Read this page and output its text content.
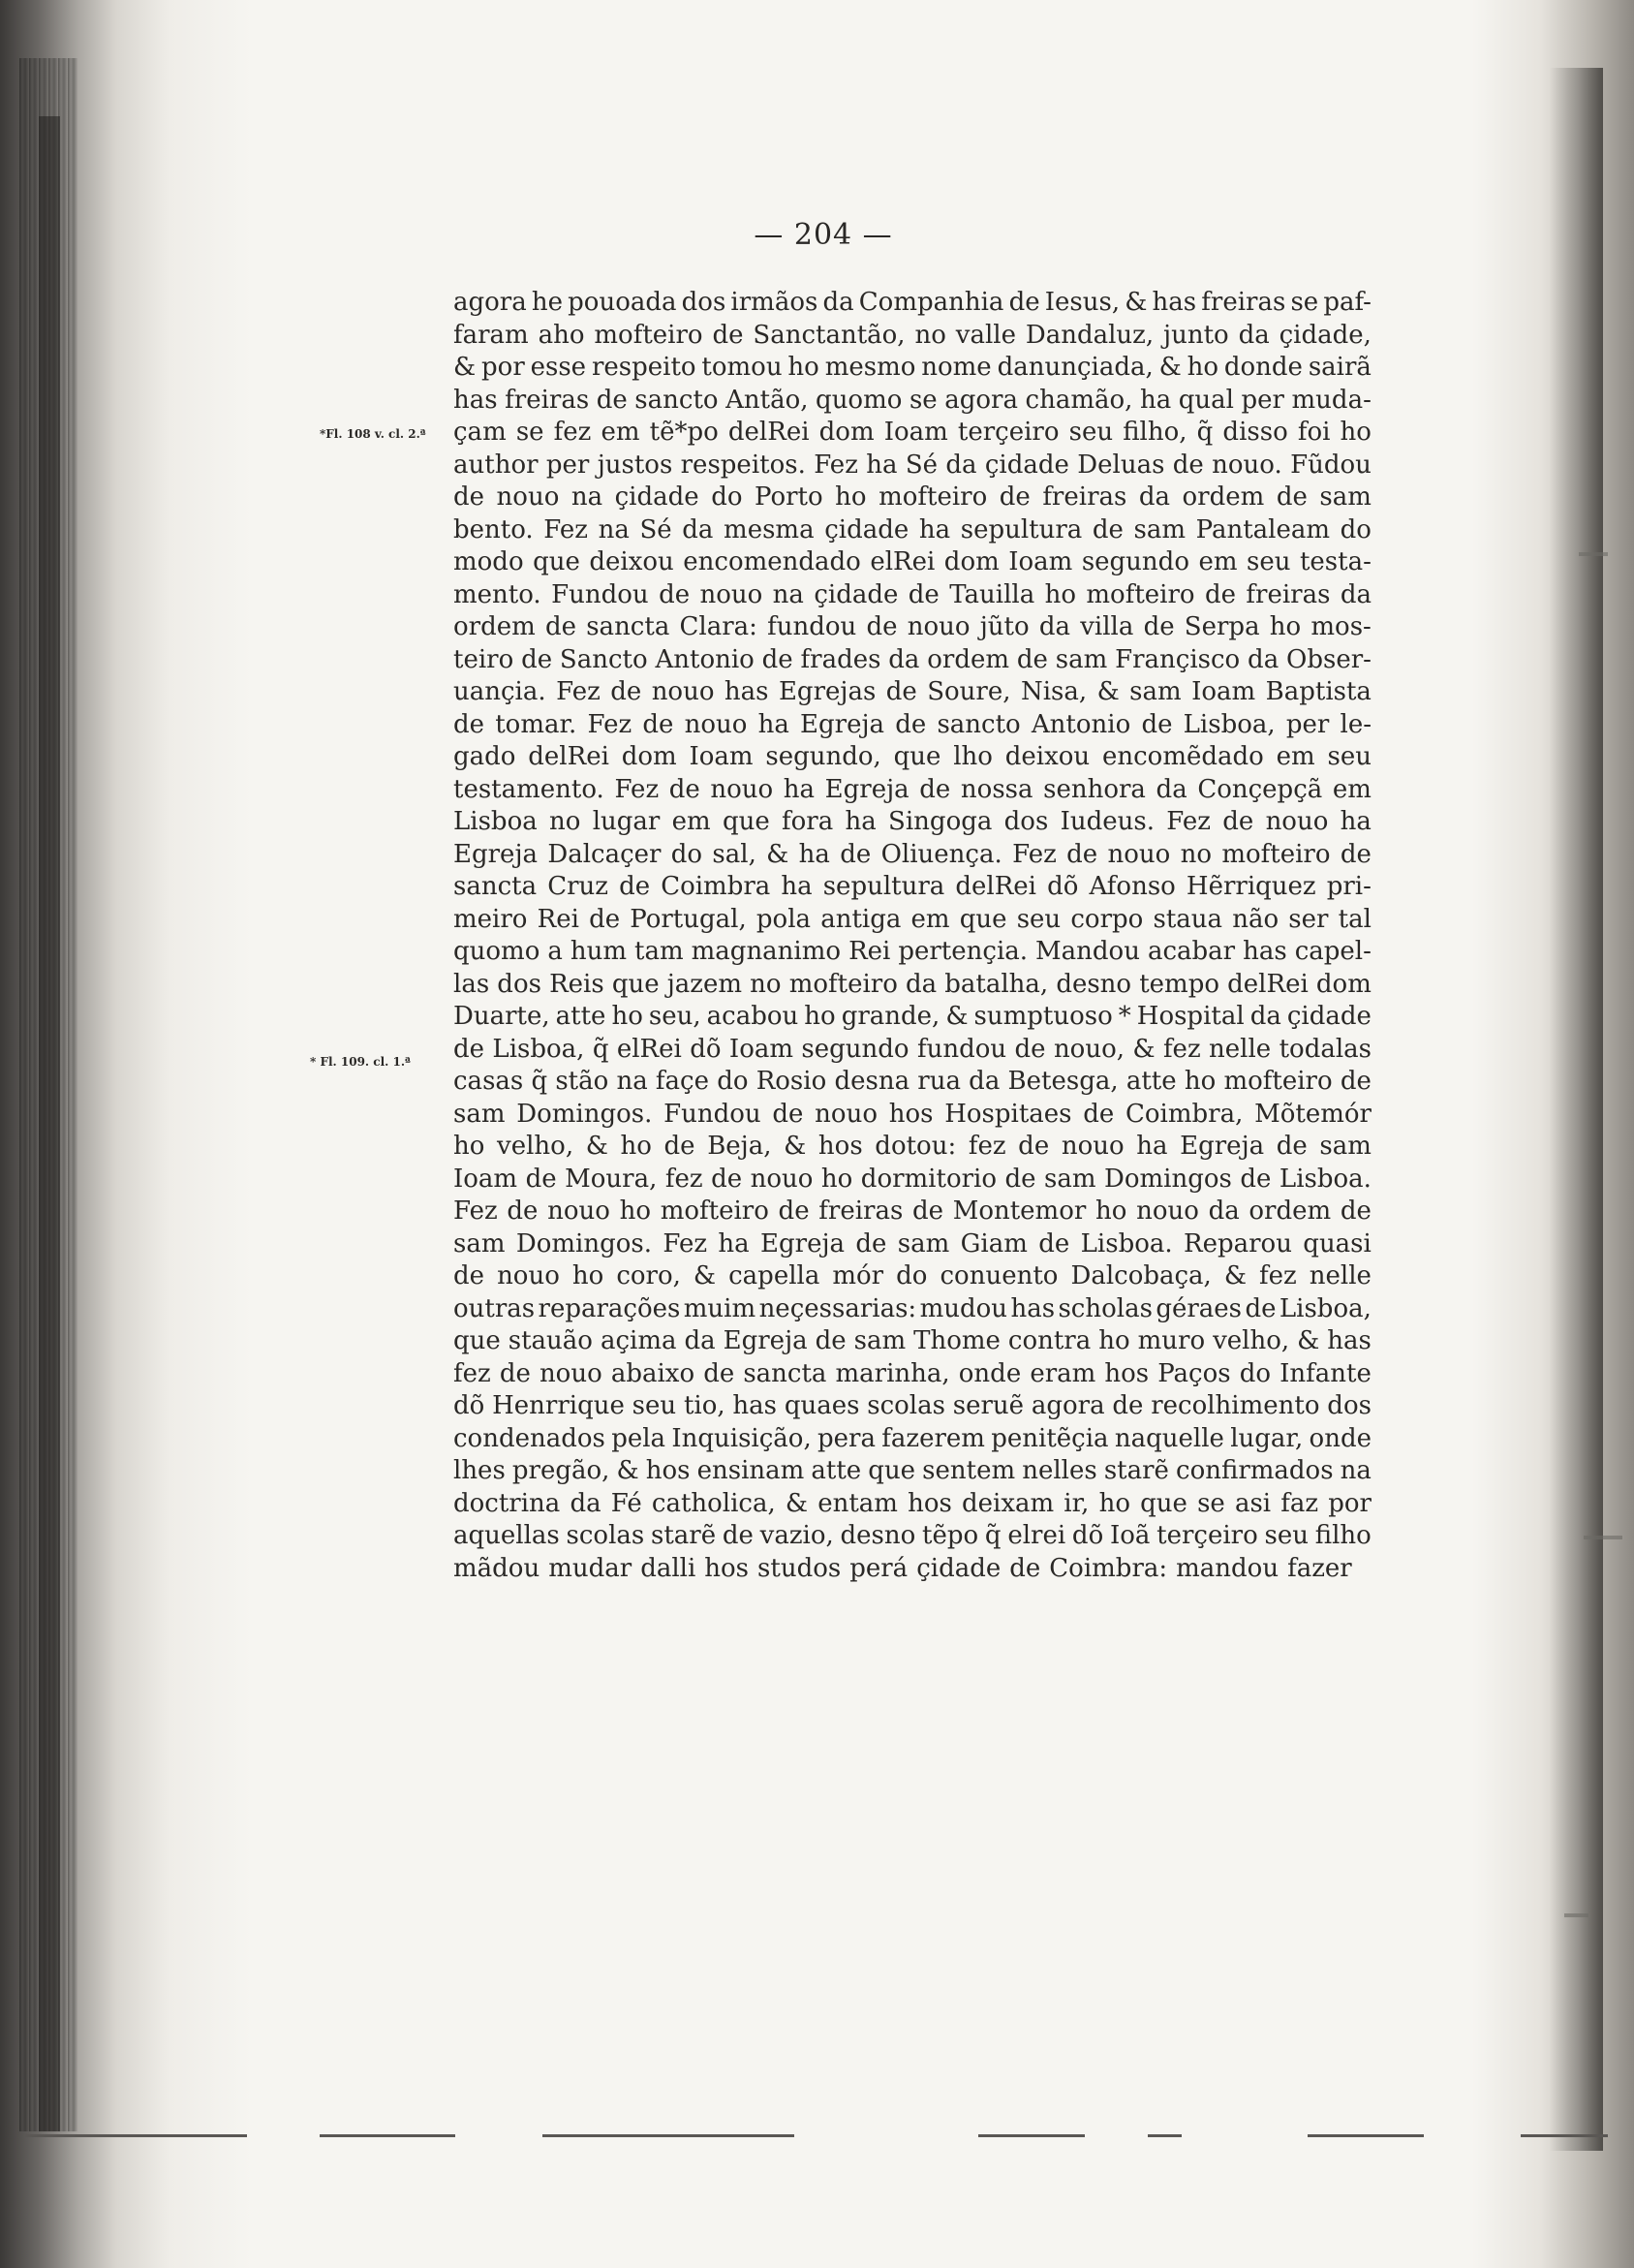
— 204 —
*Fl. 108 v. cl. 2.ª
* Fl. 109. cl. 1.ª
agora he pouoada dos irmãos da Companhia de Iesus, & has freiras se paf-
faram aho mofteiro de Sanctantão, no valle Dandaluz, junto da çidade,
& por esse respeito tomou ho mesmo nome danunçiada, & ho donde sairã
has freiras de sancto Antão, quomo se agora chamão, ha qual per muda-
çam se fez em tẽ*po delRei dom Ioam terçeiro seu filho, q̃ disso foi ho
author per justos respeitos. Fez ha Sé da çidade Deluas de nouo. Fũdou
de nouo na çidade do Porto ho mofteiro de freiras da ordem de sam
bento. Fez na Sé da mesma çidade ha sepultura de sam Pantaleam do
modo que deixou encomendado elRei dom Ioam segundo em seu testa-
mento. Fundou de nouo na çidade de Tauilla ho mofteiro de freiras da
ordem de sancta Clara: fundou de nouo jũto da villa de Serpa ho mos-
teiro de Sancto Antonio de frades da ordem de sam Françisco da Obser-
uançia. Fez de nouo has Egrejas de Soure, Nisa, & sam Ioam Baptista
de tomar. Fez de nouo ha Egreja de sancto Antonio de Lisboa, per le-
gado delRei dom Ioam segundo, que lho deixou encomẽdado em seu
testamento. Fez de nouo ha Egreja de nossa senhora da Conçepçã em
Lisboa no lugar em que fora ha Singoga dos Iudeus. Fez de nouo ha
Egreja Dalcaçer do sal, & ha de Oliuença. Fez de nouo no mofteiro de
sancta Cruz de Coimbra ha sepultura delRei dõ Afonso Hẽrriquez pri-
meiro Rei de Portugal, pola antiga em que seu corpo staua não ser tal
quomo a hum tam magnanimo Rei pertençia. Mandou acabar has capel-
las dos Reis que jazem no mofteiro da batalha, desno tempo delRei dom
Duarte, atte ho seu, acabou ho grande, & sumptuoso * Hospital da çidade
de Lisboa, q̃ elRei dõ Ioam segundo fundou de nouo, & fez nelle todalas
casas q̃ stão na façe do Rosio desna rua da Betesga, atte ho mofteiro de
sam Domingos. Fundou de nouo hos Hospitaes de Coimbra, Mõtemór
ho velho, & ho de Beja, & hos dotou: fez de nouo ha Egreja de sam
Ioam de Moura, fez de nouo ho dormitorio de sam Domingos de Lisboa.
Fez de nouo ho mofteiro de freiras de Montemor ho nouo da ordem de
sam Domingos. Fez ha Egreja de sam Giam de Lisboa. Reparou quasi
de nouo ho coro, & capella mór do conuento Dalcobaça, & fez nelle
outras reparações muim neçessarias: mudou has scholas géraes de Lisboa,
que stauão açima da Egreja de sam Thome contra ho muro velho, & has
fez de nouo abaixo de sancta marinha, onde eram hos Paços do Infante
dõ Henrrique seu tio, has quaes scolas seruẽ agora de recolhimento dos
condenados pela Inquisição, pera fazerem penitẽçia naquelle lugar, onde
lhes pregão, & hos ensinam atte que sentem nelles starẽ confirmados na
doctrina da Fé catholica, & entam hos deixam ir, ho que se asi faz por
aquellas scolas starẽ de vazio, desno tẽpo q̃ elrei dõ Ioã terçeiro seu filho
mãdou mudar dalli hos studos perá çidade de Coimbra: mandou fazer
